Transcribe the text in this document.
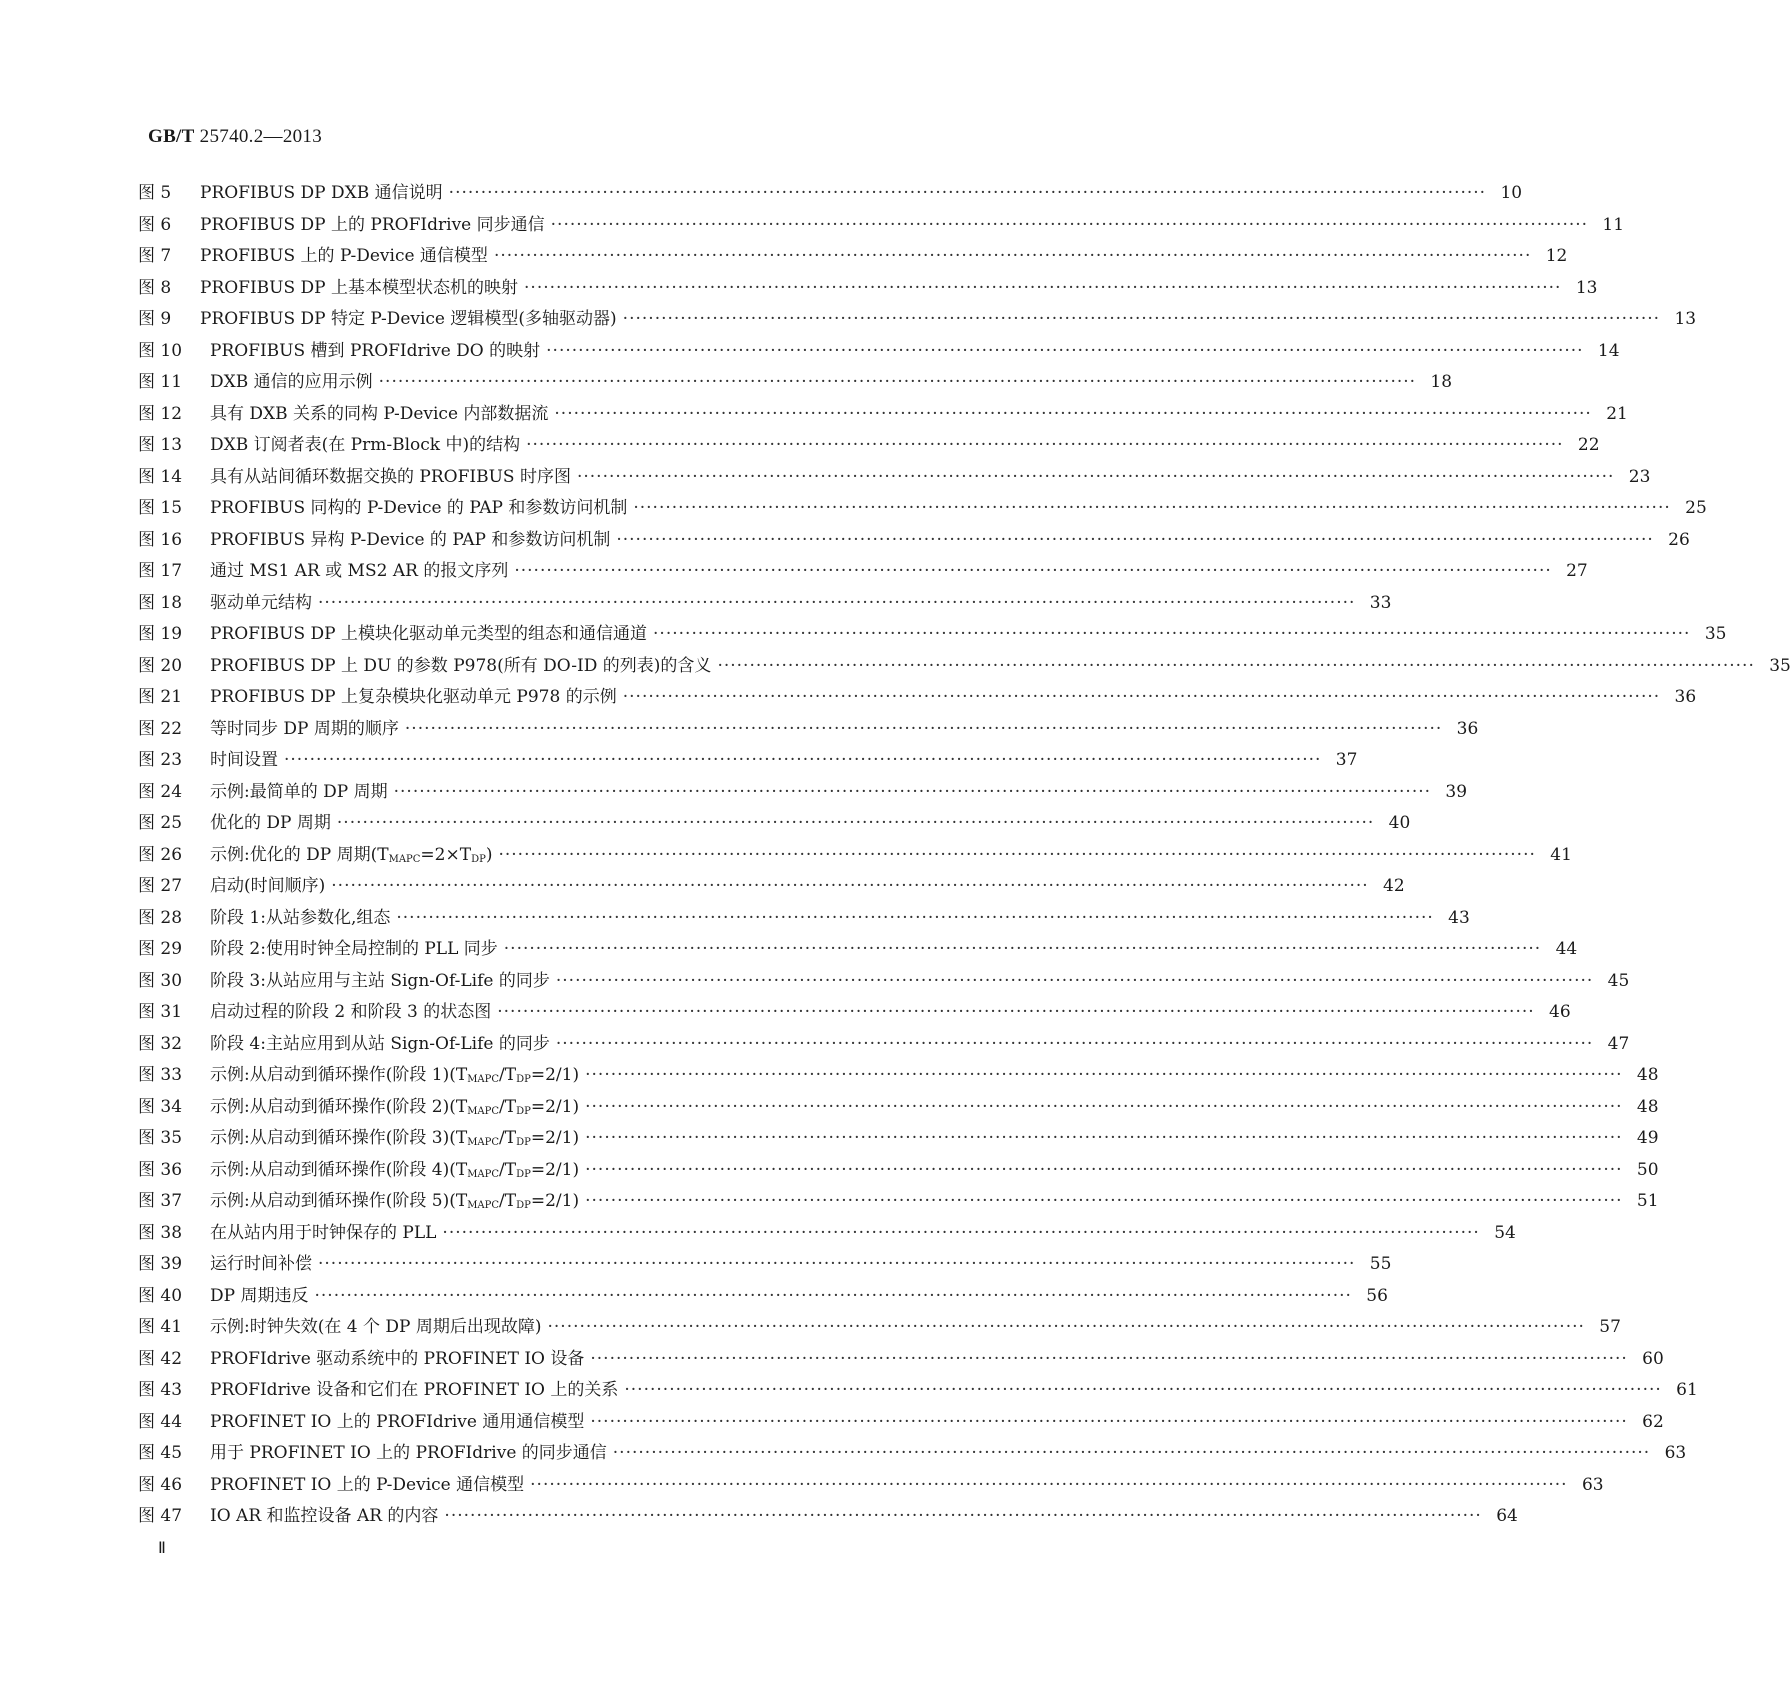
GB/T 25740.2—2013
图 5	PROFIBUS DP DXB 通信说明 ·····	10
图 6	PROFIBUS DP 上的 PROFIdrive 同步通信 ·····	11
图 7	PROFIBUS 上的 P-Device 通信模型 ·····	12
图 8	PROFIBUS DP 上基本模型状态机的映射 ·····	13
图 9	PROFIBUS DP 特定 P-Device 逻辑模型(多轴驱动器) ·····	13
图 10	PROFIBUS 槽到 PROFIdrive DO 的映射 ·····	14
图 11	DXB 通信的应用示例 ·····	18
图 12	具有 DXB 关系的同构 P-Device 内部数据流 ·····	21
图 13	DXB 订阅者表(在 Prm-Block 中)的结构 ·····	22
图 14	具有从站间循环数据交换的 PROFIBUS 时序图 ·····	23
图 15	PROFIBUS 同构的 P-Device 的 PAP 和参数访问机制 ·····	25
图 16	PROFIBUS 异构 P-Device 的 PAP 和参数访问机制 ·····	26
图 17	通过 MS1 AR 或 MS2 AR 的报文序列 ·····	27
图 18	驱动单元结构 ·····	33
图 19	PROFIBUS DP 上模块化驱动单元类型的组态和通信通道 ·····	35
图 20	PROFIBUS DP 上 DU 的参数 P978(所有 DO-ID 的列表)的含义 ·····	35
图 21	PROFIBUS DP 上复杂模块化驱动单元 P978 的示例 ·····	36
图 22	等时同步 DP 周期的顺序 ·····	36
图 23	时间设置 ·····	37
图 24	示例:最简单的 DP 周期 ·····	39
图 25	优化的 DP 周期 ·····	40
图 26	示例:优化的 DP 周期$(T_{MAPC}=2\times T_{DP})$ ·····	41
图 27	启动(时间顺序) ·····	42
图 28	阶段 1:从站参数化,组态 ·····	43
图 29	阶段 2:使用时钟全局控制的 PLL 同步 ·····	44
图 30	阶段 3:从站应用与主站 Sign-Of-Life 的同步 ·····	45
图 31	启动过程的阶段 2 和阶段 3 的状态图 ·····	46
图 32	阶段 4:主站应用到从站 Sign-Of-Life 的同步 ·····	47
图 33	示例:从启动到循环操作(阶段 $1)(T_{MAPC}/T_{DP}=2/1)$ ·····	48
图 34	示例:从启动到循环操作(阶段 $2)(T_{MAPC}/T_{DP}=2/1)$ ·····	48
图 35	示例:从启动到循环操作(阶段 $3)(T_{MAPC}/T_{DP}=2/1)$ ·····	49
图 36	示例:从启动到循环操作(阶段 $4)(T_{MAPC}/T_{DP}=2/1)$ ·····	50
图 37	示例:从启动到循环操作(阶段 $5)(T_{MAPC}/T_{DP}=2/1)$ ·····	51
图 38	在从站内用于时钟保存的 PLL ·····	54
图 39	运行时间补偿 ·····	55
图 40	DP 周期违反 ·····	56
图 41	示例:时钟失效(在 4 个 DP 周期后出现故障) ·····	57
图 42	PROFIdrive 驱动系统中的 PROFINET IO 设备 ·····	60
图 43	PROFIdrive 设备和它们在 PROFINET IO 上的关系 ·····	61
图 44	PROFINET IO 上的 PROFIdrive 通用通信模型 ·····	62
图 45	用于 PROFINET IO 上的 PROFIdrive 的同步通信 ·····	63
图 46	PROFINET IO 上的 P-Device 通信模型 ·····	63
图 47	IO AR 和监控设备 AR 的内容 ·····	64
Ⅱ
